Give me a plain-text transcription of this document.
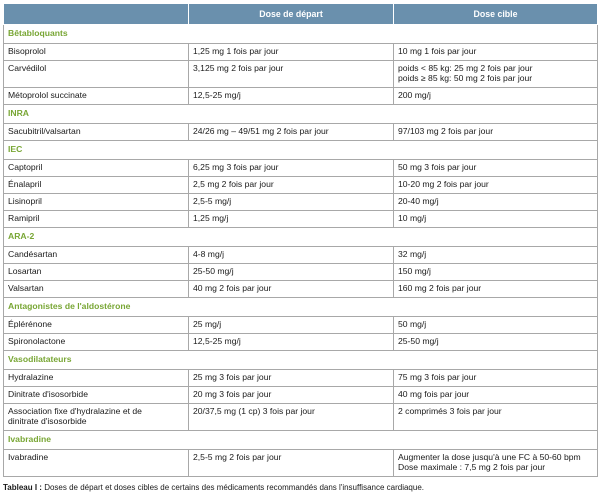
	Dose de départ	Dose cible
Bêtabloquants		

Bisoprolol	1,25 mg 1 fois par jour	10 mg 1 fois par jour

Carvédilol	3,125 mg 2 fois par jour	poids < 85 kg: 25 mg 2 fois par jour
poids ≥ 85 kg: 50 mg 2 fois par jour

Métoprolol succinate	12,5-25 mg/j	200 mg/j

INRA		

Sacubitril/valsartan	24/26 mg – 49/51 mg 2 fois par jour	97/103 mg 2 fois par jour

IEC		

Captopril	6,25 mg 3 fois par jour	50 mg 3 fois par jour

Énalapril	2,5 mg 2 fois par jour	10-20 mg 2 fois par jour

Lisinopril	2,5-5 mg/j	20-40 mg/j

Ramipril	1,25 mg/j	10 mg/j

ARA-2		

Candésartan	4-8 mg/j	32 mg/j

Losartan	25-50 mg/j	150 mg/j

Valsartan	40 mg 2 fois par jour	160 mg 2 fois par jour

Antagonistes de l'aldostérone		

Éplérénone	25 mg/j	50 mg/j

Spironolactone	12,5-25 mg/j	25-50 mg/j

Vasodilatateurs		

Hydralazine	25 mg 3 fois par jour	75 mg 3 fois par jour

Dinitrate d'isosorbide	20 mg 3 fois par jour	40 mg fois par jour

Association fixe d'hydralazine et de
dinitrate d'isosorbide	20/37,5 mg (1 cp) 3 fois par jour	2 comprimés 3 fois par jour

Ivabradine		

Ivabradine	2,5-5 mg 2 fois par jour	Augmenter la dose jusqu'à une FC à 50-60 bpm
Dose maximale : 7,5 mg 2 fois par jour
Tableau I : Doses de départ et doses cibles de certains des médicaments recommandés dans l'insuffisance cardiaque.
